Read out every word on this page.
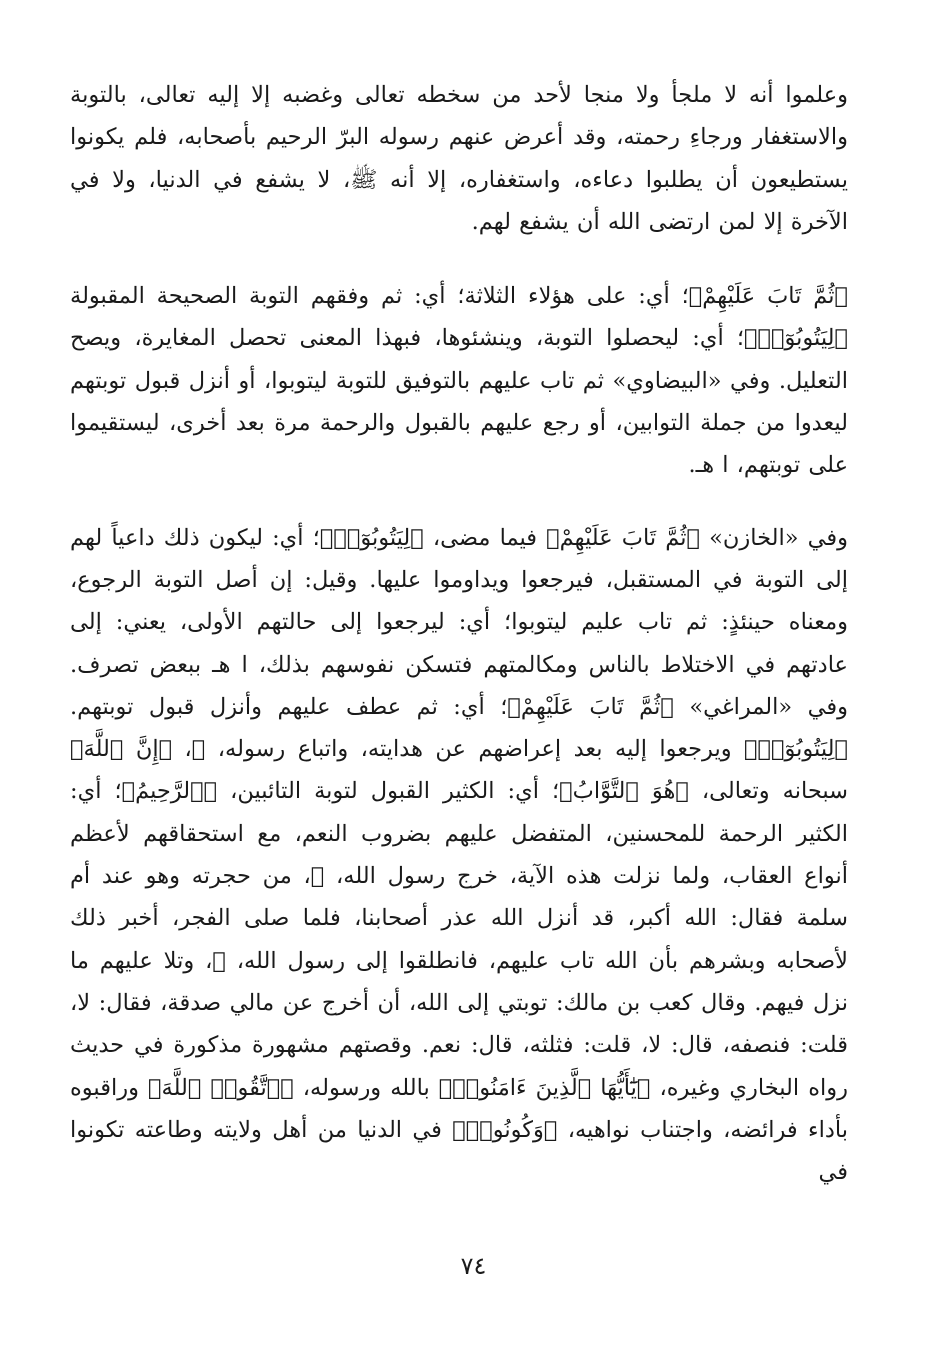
وعلموا أنه لا ملجأ ولا منجا لأحد من سخطه تعالى وغضبه إلا إليه تعالى، بالتوبة والاستغفار ورجاءِ رحمته، وقد أعرض عنهم رسوله البرّ الرحيم بأصحابه، فلم يكونوا يستطيعون أن يطلبوا دعاءه، واستغفاره، إلا أنه ﷺ، لا يشفع في الدنيا، ولا في الآخرة إلا لمن ارتضى الله أن يشفع لهم.

﴿ثُمَّ تَابَ عَلَيْهِمْ﴾؛ أي: على هؤلاء الثلاثة؛ أي: ثم وفقهم التوبة الصحيحة المقبولة ﴿لِيَتُوبُوٓا۟﴾؛ أي: ليحصلوا التوبة، وينشئوها، فبهذا المعنى تحصل المغايرة، ويصح التعليل. وفي «البيضاوي» ثم تاب عليهم بالتوفيق للتوبة ليتوبوا، أو أنزل قبول توبتهم ليعدوا من جملة التوابين، أو رجع عليهم بالقبول والرحمة مرة بعد أخرى، ليستقيموا على توبتهم، ا هـ.

وفي «الخازن» ﴿ثُمَّ تَابَ عَلَيْهِمْ﴾ فيما مضى، ﴿لِيَتُوبُوٓا۟﴾؛ أي: ليكون ذلك داعياً لهم إلى التوبة في المستقبل، فيرجعوا ويداوموا عليها. وقيل: إن أصل التوبة الرجوع، ومعناه حينئذٍ: ثم تاب عليم ليتوبوا؛ أي: ليرجعوا إلى حالتهم الأولى، يعني: إلى عادتهم في الاختلاط بالناس ومكالمتهم فتسكن نفوسهم بذلك، ا هـ ببعض تصرف. وفي «المراغي» ﴿ثُمَّ تَابَ عَلَيْهِمْ﴾؛ أي: ثم عطف عليهم وأنزل قبول توبتهم. ﴿لِيَتُوبُوٓا۟﴾ ويرجعوا إليه بعد إعراضهم عن هدايته، واتباع رسوله، ﷺ، ﴿إِنَّ ٱللَّهَ﴾ سبحانه وتعالى، ﴿هُوَ ٱلتَّوَّابُ﴾؛ أي: الكثير القبول لتوبة التائبين، ﴿ٱلرَّحِيمُ﴾؛ أي: الكثير الرحمة للمحسنين، المتفضل عليهم بضروب النعم، مع استحقاقهم لأعظم أنواع العقاب، ولما نزلت هذه الآية، خرج رسول الله، ﷺ، من حجرته وهو عند أم سلمة فقال: الله أكبر، قد أنزل الله عذر أصحابنا، فلما صلى الفجر، أخبر ذلك لأصحابه وبشرهم بأن الله تاب عليهم، فانطلقوا إلى رسول الله، ﷺ، وتلا عليهم ما نزل فيهم. وقال كعب بن مالك: توبتي إلى الله، أن أخرج عن مالي صدقة، فقال: لا، قلت: فنصفه، قال: لا، قلت: فثلثه، قال: نعم. وقصتهم مشهورة مذكورة في حديث رواه البخاري وغيره، ﴿يَٰٓأَيُّهَا ٱلَّذِينَ ءَامَنُوا۟﴾ بالله ورسوله، ﴿ٱتَّقُوا۟ ٱللَّهَ﴾ وراقبوه بأداء فرائضه، واجتناب نواهيه، ﴿وَكُونُوا۟﴾ في الدنيا من أهل ولايته وطاعته تكونوا في

٧٤
